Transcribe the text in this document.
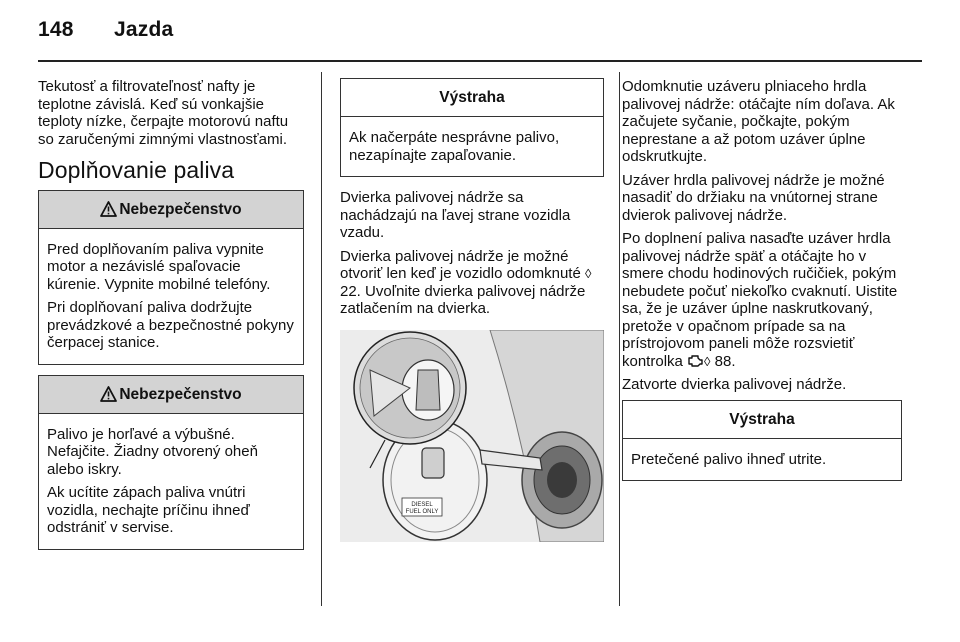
148 Jazda

Tekutosť a filtrovateľnosť nafty je teplotne závislá. Keď sú vonkajšie teploty nízke, čerpajte motorovú naftu so zaručenými zimnými vlastnosťami.

Doplňovanie paliva
Nebezpečenstvo

Pred doplňovaním paliva vypnite motor a nezávislé spaľovacie kúrenie. Vypnite mobilné telefóny.

Pri doplňovaní paliva dodržujte prevádzkové a bezpečnostné pokyny čerpacej stanice.

Nebezpečenstvo

Palivo je horľavé a výbušné. Nefajčite. Žiadny otvorený oheň alebo iskry.

Ak ucítite zápach paliva vnútri vozidla, nechajte príčinu ihneď odstrániť v servise.

Výstraha

Ak načerpáte nesprávne palivo, nezapínajte zapaľovanie.

Dvierka palivovej nádrže sa nachádzajú na ľavej strane vozidla vzadu.

Dvierka palivovej nádrže je možné otvoriť len keď je vozidlo odomknuté ◊ 22. Uvoľnite dvierka palivovej nádrže zatlačením na dvierka.

DIESEL
FUEL ONLY

Odomknutie uzáveru plniaceho hrdla palivovej nádrže: otáčajte ním doľava. Ak začujete syčanie, počkajte, pokým neprestane a až potom uzáver úplne odskrutkujte.

Uzáver hrdla palivovej nádrže je možné nasadiť do držiaku na vnútornej strane dvierok palivovej nádrže.

Po doplnení paliva nasaďte uzáver hrdla palivovej nádrže späť a otáčajte ho v smere chodu hodinových ručičiek, pokým nebudete počuť niekoľko cvaknutí. Uistite sa, že je uzáver úplne naskrutkovaný, pretože v opačnom prípade sa na prístrojovom paneli môže rozsvietiť kontrolka ◊ 88.

Zatvorte dvierka palivovej nádrže.

Výstraha

Pretečené palivo ihneď utrite.
